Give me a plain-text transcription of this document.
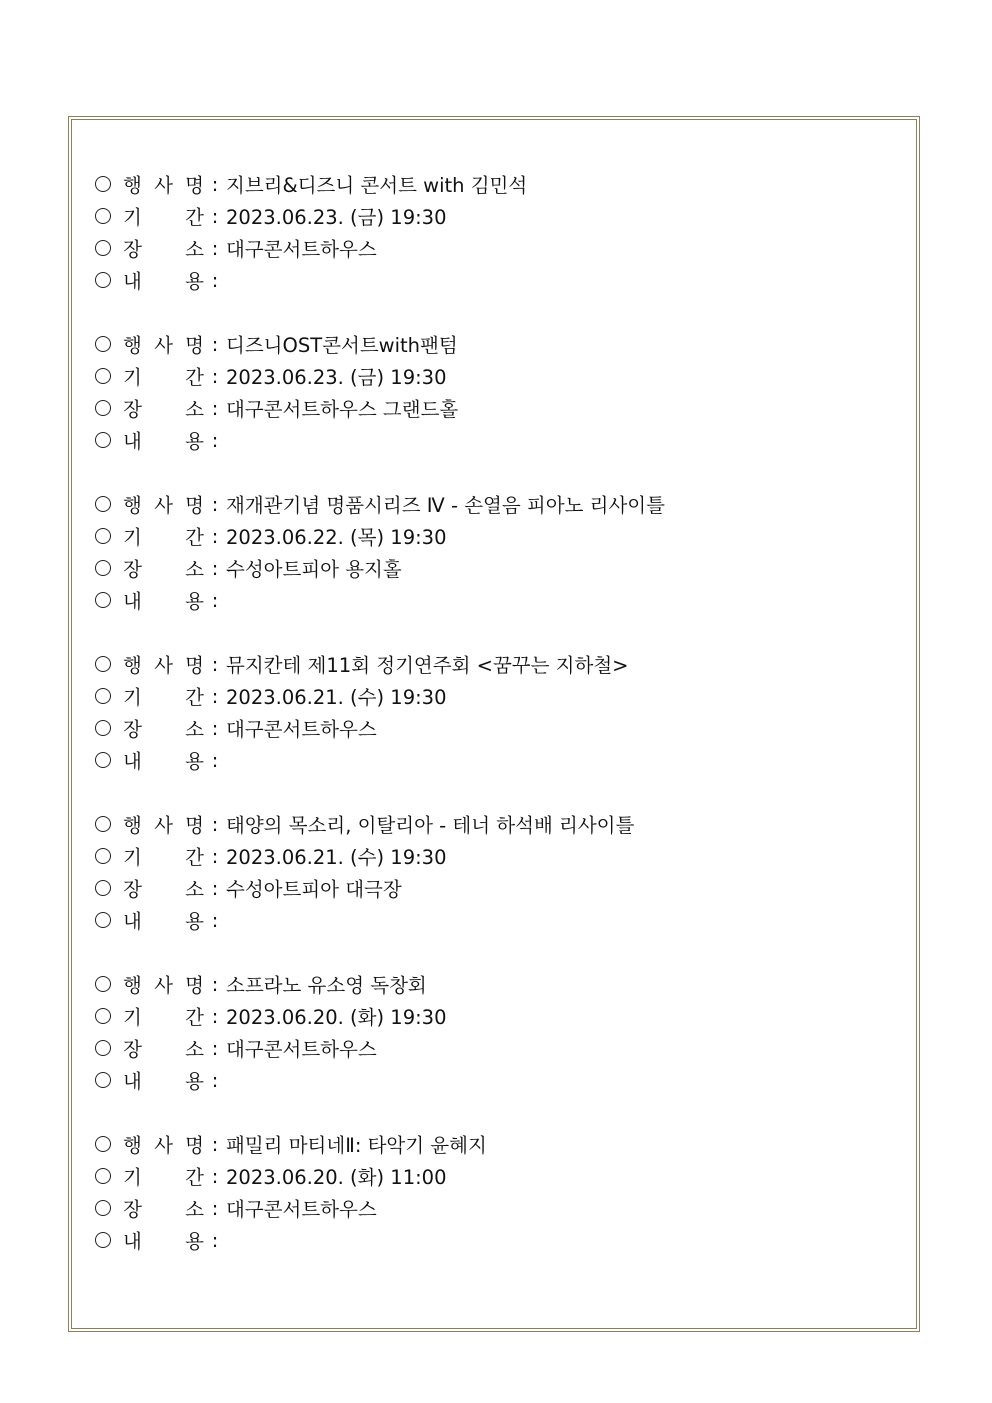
행 사 명 : 지브리&디즈니 콘서트 with 김민석
기 간 : 2023.06.23. (금) 19:30
장 소 : 대구콘서트하우스
내 용 :
행 사 명 : 디즈니OST콘서트with팬텀
기 간 : 2023.06.23. (금) 19:30
장 소 : 대구콘서트하우스 그랜드홀
내 용 :
행 사 명 : 재개관기념 명품시리즈 Ⅳ - 손열음 피아노 리사이틀
기 간 : 2023.06.22. (목) 19:30
장 소 : 수성아트피아 용지홀
내 용 :
행 사 명 : 뮤지칸테 제11회 정기연주회 <꿈꾸는 지하철>
기 간 : 2023.06.21. (수) 19:30
장 소 : 대구콘서트하우스
내 용 :
행 사 명 : 태양의 목소리, 이탈리아 - 테너 하석배 리사이틀
기 간 : 2023.06.21. (수) 19:30
장 소 : 수성아트피아 대극장
내 용 :
행 사 명 : 소프라노 유소영 독창회
기 간 : 2023.06.20. (화) 19:30
장 소 : 대구콘서트하우스
내 용 :
행 사 명 : 패밀리 마티네Ⅱ: 타악기 윤혜지
기 간 : 2023.06.20. (화) 11:00
장 소 : 대구콘서트하우스
내 용 :
